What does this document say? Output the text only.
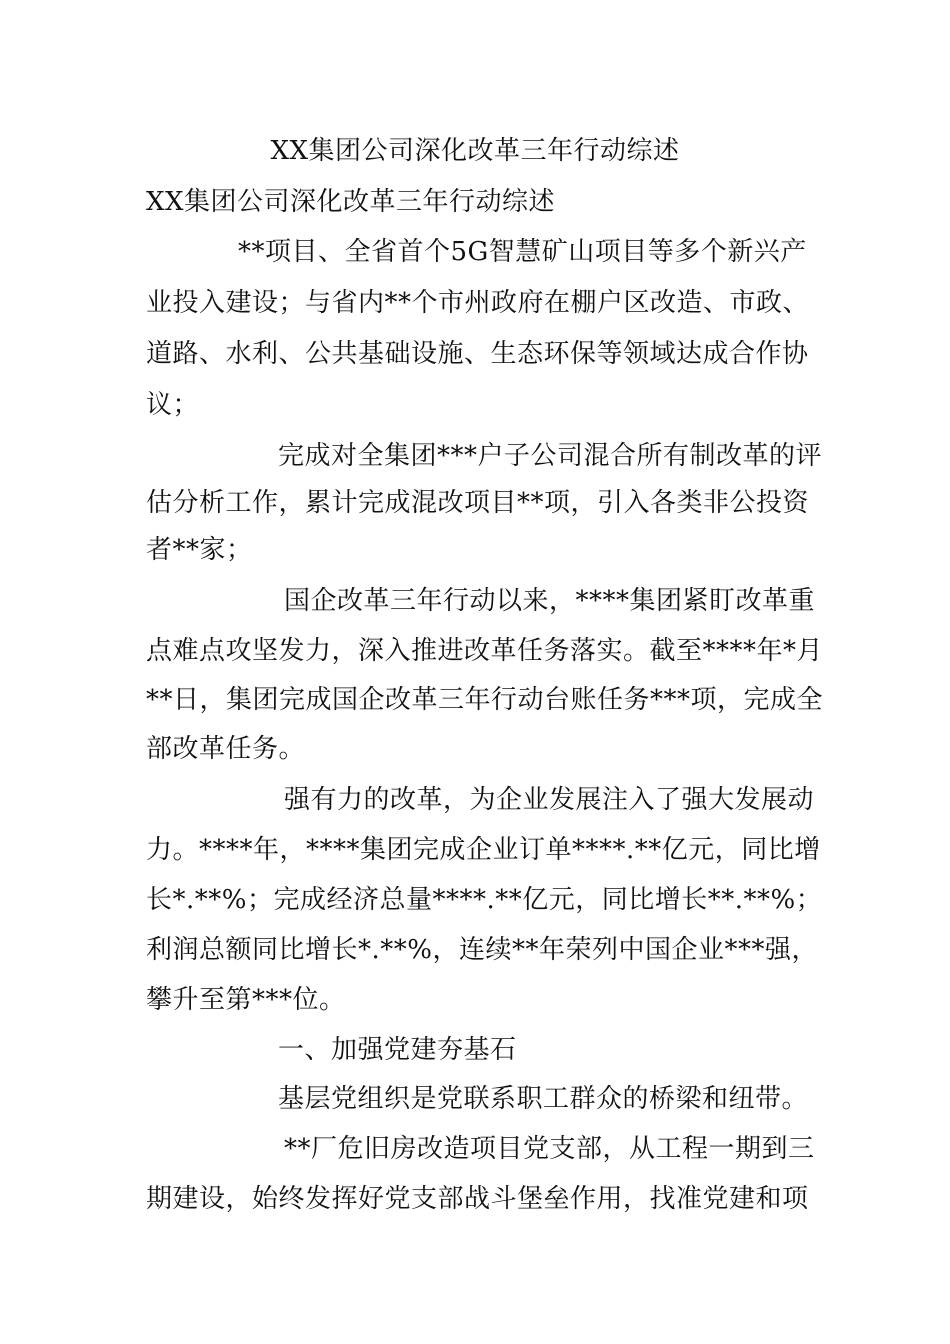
XX集团公司深化改革三年行动综述
XX集团公司深化改革三年行动综述
**项目、全省首个5G智慧矿山项目等多个新兴产
业投入建设；与省内**个市州政府在棚户区改造、市政、
道路、水利、公共基础设施、生态环保等领域达成合作协
议；
完成对全集团***户子公司混合所有制改革的评
估分析工作，累计完成混改项目**项，引入各类非公投资
者**家；
国企改革三年行动以来，****集团紧盯改革重
点难点攻坚发力，深入推进改革任务落实。截至****年*月
**日，集团完成国企改革三年行动台账任务***项，完成全
部改革任务。
强有力的改革，为企业发展注入了强大发展动
力。****年，****集团完成企业订单****.**亿元，同比增
长*.**%；完成经济总量****.**亿元，同比增长**.**%；
利润总额同比增长*.**%，连续**年荣列中国企业***强，
攀升至第***位。
一、加强党建夯基石
基层党组织是党联系职工群众的桥梁和纽带。
**厂危旧房改造项目党支部，从工程一期到三
期建设，始终发挥好党支部战斗堡垒作用，找准党建和项
